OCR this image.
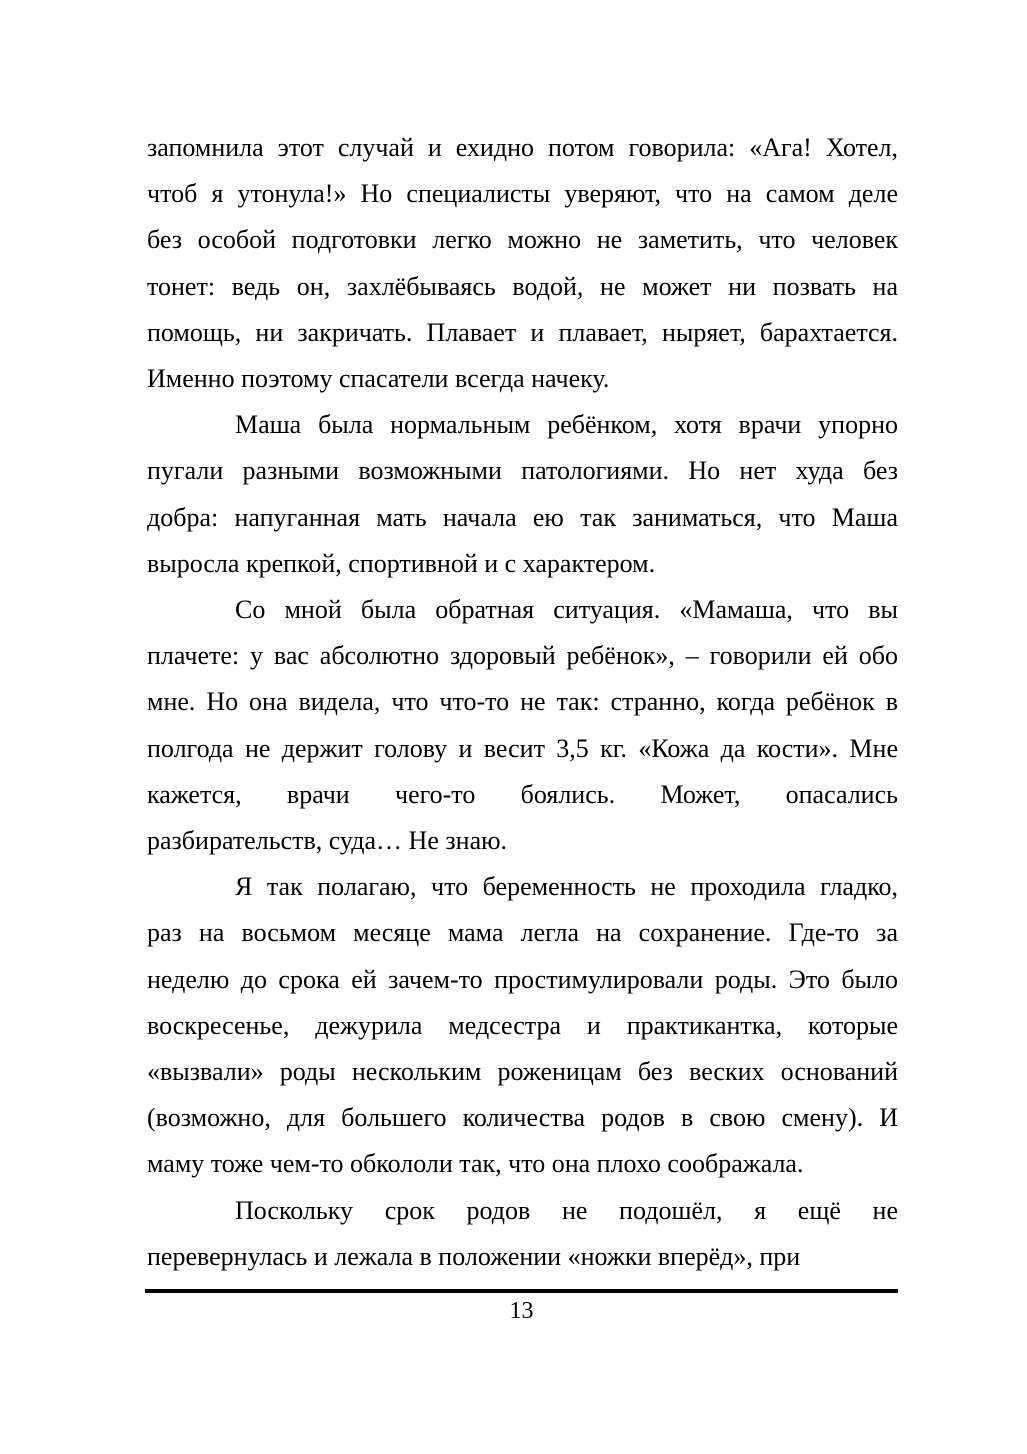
запомнила этот случай и ехидно потом говорила: «Ага! Хотел,
чтоб я утонула!» Но специалисты уверяют, что на самом деле
без особой подготовки легко можно не заметить, что человек
тонет: ведь он, захлёбываясь водой, не может ни позвать на
помощь, ни закричать. Плавает и плавает, ныряет, барахтается.
Именно поэтому спасатели всегда начеку.
Маша была нормальным ребёнком, хотя врачи упорно
пугали разными возможными патологиями. Но нет худа без
добра: напуганная мать начала ею так заниматься, что Маша
выросла крепкой, спортивной и с характером.
Со мной была обратная ситуация. «Мамаша, что вы
плачете: у вас абсолютно здоровый ребёнок», – говорили ей обо
мне. Но она видела, что что-то не так: странно, когда ребёнок в
полгода не держит голову и весит 3,5 кг. «Кожа да кости». Мне
кажется, врачи чего-то боялись. Может, опасались
разбирательств, суда… Не знаю.
Я так полагаю, что беременность не проходила гладко,
раз на восьмом месяце мама легла на сохранение. Где-то за
неделю до срока ей зачем-то простимулировали роды. Это было
воскресенье, дежурила медсестра и практикантка, которые
«вызвали» роды нескольким роженицам без веских оснований
(возможно, для большего количества родов в свою смену). И
маму тоже чем-то обкололи так, что она плохо соображала.
Поскольку срок родов не подошёл, я ещё не
перевернулась и лежала в положении «ножки вперёд», при
13
